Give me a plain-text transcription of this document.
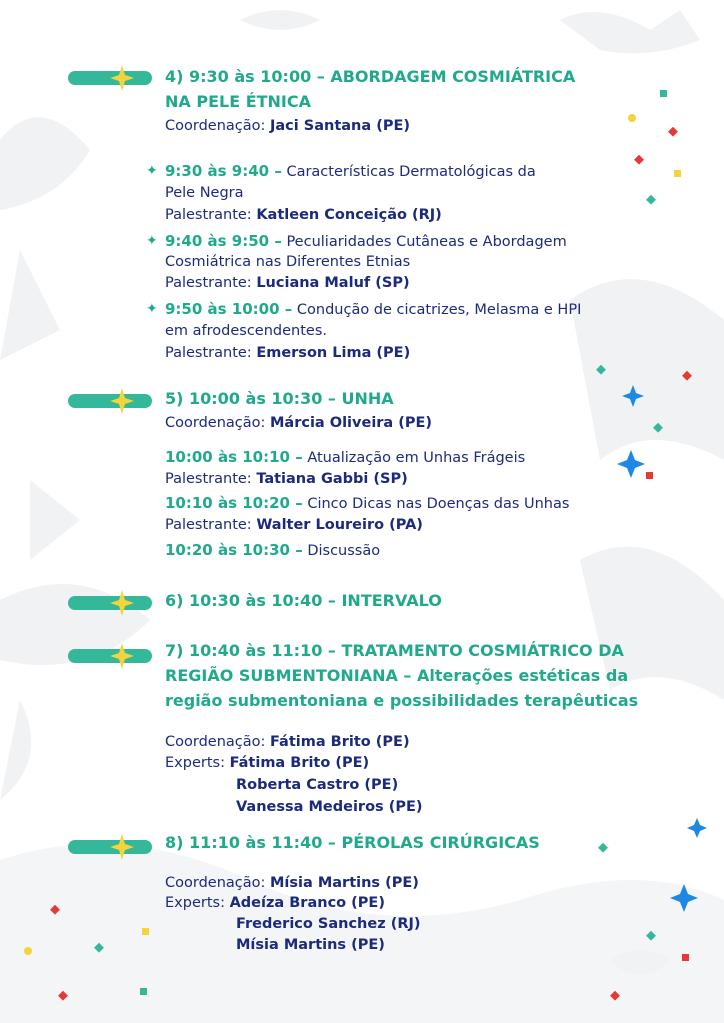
4) 9:30 às 10:00 – ABORDAGEM COSMIÁTRICA

NA PELE ÉTNICA

Coordenação: Jaci Santana (PE)

✦ 9:30 às 9:40 – Características Dermatológicas da

Pele Negra

Palestrante: Katleen Conceição (RJ)

✦ 9:40 às 9:50 – Peculiaridades Cutâneas e Abordagem

Cosmiátrica nas Diferentes Etnias

Palestrante: Luciana Maluf (SP)

✦ 9:50 às 10:00 – Condução de cicatrizes, Melasma e HPI

em afrodescendentes.

Palestrante: Emerson Lima (PE)

5) 10:00 às 10:30 – UNHA

Coordenação: Márcia Oliveira (PE)

10:00 às 10:10 – Atualização em Unhas Frágeis

Palestrante: Tatiana Gabbi (SP)

10:10 às 10:20 – Cinco Dicas nas Doenças das Unhas

Palestrante: Walter Loureiro (PA)

10:20 às 10:30 – Discussão

6) 10:30 às 10:40 – INTERVALO

7) 10:40 às 11:10 – TRATAMENTO COSMIÁTRICO DA

REGIÃO SUBMENTONIANA – Alterações estéticas da

região submentoniana e possibilidades terapêuticas

Coordenação: Fátima Brito (PE)

Experts: Fátima Brito (PE)

Roberta Castro (PE)

Vanessa Medeiros (PE)

8) 11:10 às 11:40 – PÉROLAS CIRÚRGICAS

Coordenação: Mísia Martins (PE)

Experts: Adeíza Branco (PE)

Frederico Sanchez (RJ)

Mísia Martins (PE)
